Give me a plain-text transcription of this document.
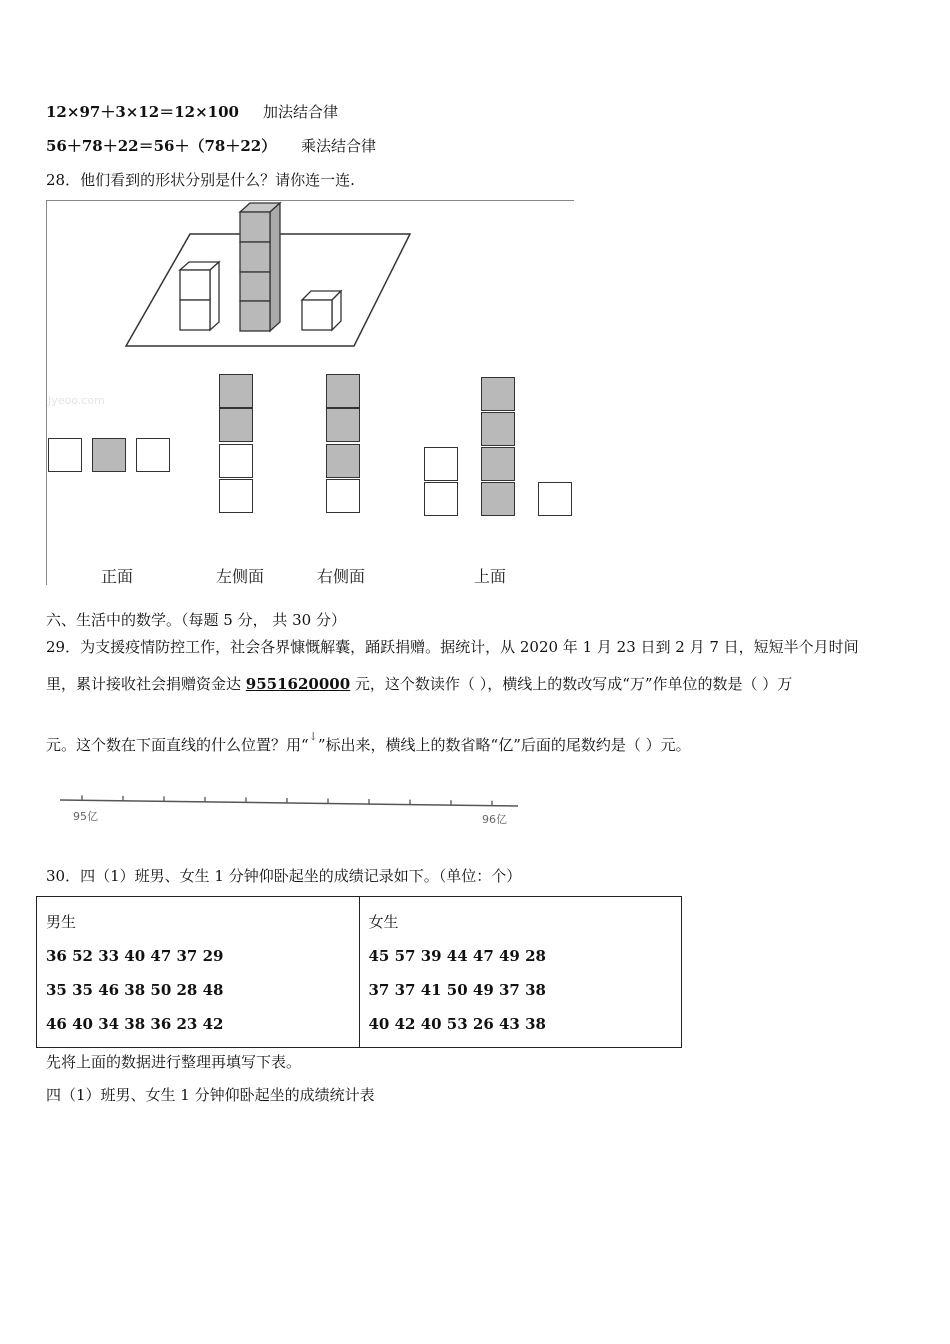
12×97＋3×12＝12×100 加法结合律
56＋78＋22＝56＋（78＋22） 乘法结合律
28．他们看到的形状分别是什么？请你连一连.
Jyeoo.com
正面	左侧面	右侧面	上面
六、生活中的数学。（每题 5 分， 共 30 分）
29．为支援疫情防控工作，社会各界慷慨解囊，踊跃捐赠。据统计，从 2020 年 1 月 23 日到 2 月 7 日，短短半个月时间
里，累计接收社会捐赠资金达 9551620000 元，这个数读作（ ），横线上的数改写成“万”作单位的数是（ ）万
元。这个数在下面直线的什么位置？用“↓”标出来，横线上的数省略“亿”后面的尾数约是（ ）元。
95亿	96亿
30．四（1）班男、女生 1 分钟仰卧起坐的成绩记录如下。（单位：个）
男生
36 52 33 40 47 37 29
35 35 46 38 50 28 48
46 40 34 38 36 23 42

女生
45 57 39 44 47 49 28
37 37 41 50 49 37 38
40 42 40 53 26 43 38
先将上面的数据进行整理再填写下表。
四（1）班男、女生 1 分钟仰卧起坐的成绩统计表
